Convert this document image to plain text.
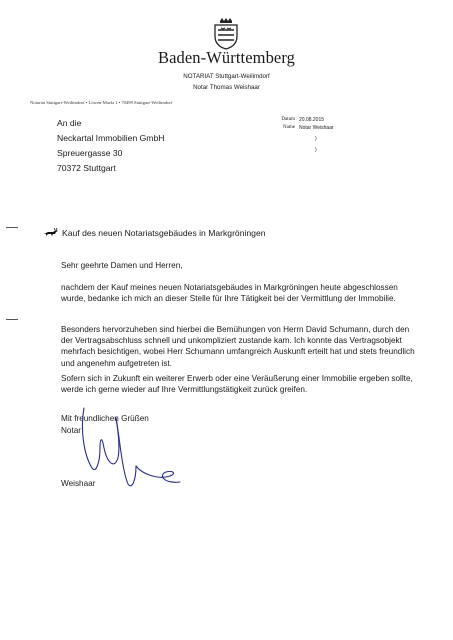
Baden-Württemberg
NOTARIAT Stuttgart-Weilimdorf
Notar Thomas Weishaar
Notariat Stuttgart-Weilimdorf • Löwen-Markt 1 • 70499 Stuttgart-Weilimdorf
Datum 20.08.2015
Name Notar Weishaar
)
)
An die
Neckartal Immobilien GmbH
Spreuergasse 30
70372 Stuttgart
Kauf des neuen Notariatsgebäudes in Markgröningen
Sehr geehrte Damen und Herren,
nachdem der Kauf meines neuen Notariatsgebäudes in Markgröningen heute abgeschlossen wurde, bedanke ich mich an dieser Stelle für Ihre Tätigkeit bei der Vermittlung der Immobilie.
Besonders hervorzuheben sind hierbei die Bemühungen von Herrn David Schumann, durch den der Vertragsabschluss schnell und unkompliziert zustande kam. Ich konnte das Vertragsobjekt mehrfach besichtigen, wobei Herr Schumann umfangreich Auskunft erteilt hat und stets freundlich und angenehm aufgetreten ist.
Sofern sich in Zukunft ein weiterer Erwerb oder eine Veräußerung einer Immobilie ergeben sollte, werde ich gerne wieder auf Ihre Vermittlungstätigkeit zurück greifen.
Mit freundlichen Grüßen
Notar
Weishaar
